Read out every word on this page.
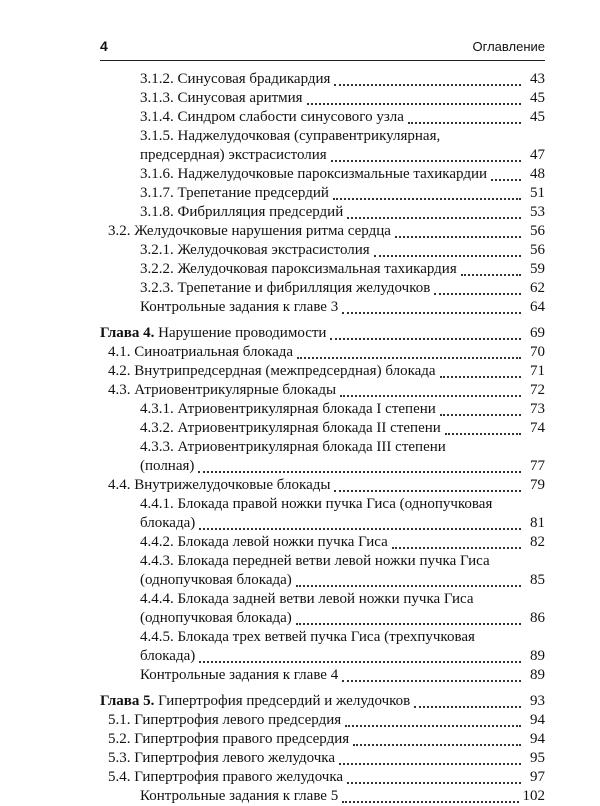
4	Оглавление
3.1.2. Синусовая брадикардия	43
3.1.3. Синусовая аритмия	45
3.1.4. Синдром слабости синусового узла	45
3.1.5. Наджелудочковая (суправентрикулярная,
предсердная) экстрасистолия	47
3.1.6. Наджелудочковые пароксизмальные тахикардии	48
3.1.7. Трепетание предсердий	51
3.1.8. Фибрилляция предсердий	53
3.2. Желудочковые нарушения ритма сердца	56
3.2.1. Желудочковая экстрасистолия	56
3.2.2. Желудочковая пароксизмальная тахикардия	59
3.2.3. Трепетание и фибрилляция желудочков	62
Контрольные задания к главе 3	64
Глава 4. Нарушение проводимости	69
4.1. Синоатриальная блокада	70
4.2. Внутрипредсердная (межпредсердная) блокада	71
4.3. Атриовентрикулярные блокады	72
4.3.1. Атриовентрикулярная блокада I степени	73
4.3.2. Атриовентрикулярная блокада II степени	74
4.3.3. Атриовентрикулярная блокада III степени
(полная)	77
4.4. Внутрижелудочковые блокады	79
4.4.1. Блокада правой ножки пучка Гиса (однопучковая
блокада)	81
4.4.2. Блокада левой ножки пучка Гиса	82
4.4.3. Блокада передней ветви левой ножки пучка Гиса
(однопучковая блокада)	85
4.4.4. Блокада задней ветви левой ножки пучка Гиса
(однопучковая блокада)	86
4.4.5. Блокада трех ветвей пучка Гиса (трехпучковая
блокада)	89
Контрольные задания к главе 4	89
Глава 5. Гипертрофия предсердий и желудочков	93
5.1. Гипертрофия левого предсердия	94
5.2. Гипертрофия правого предсердия	94
5.3. Гипертрофия левого желудочка	95
5.4. Гипертрофия правого желудочка	97
Контрольные задания к главе 5	102
